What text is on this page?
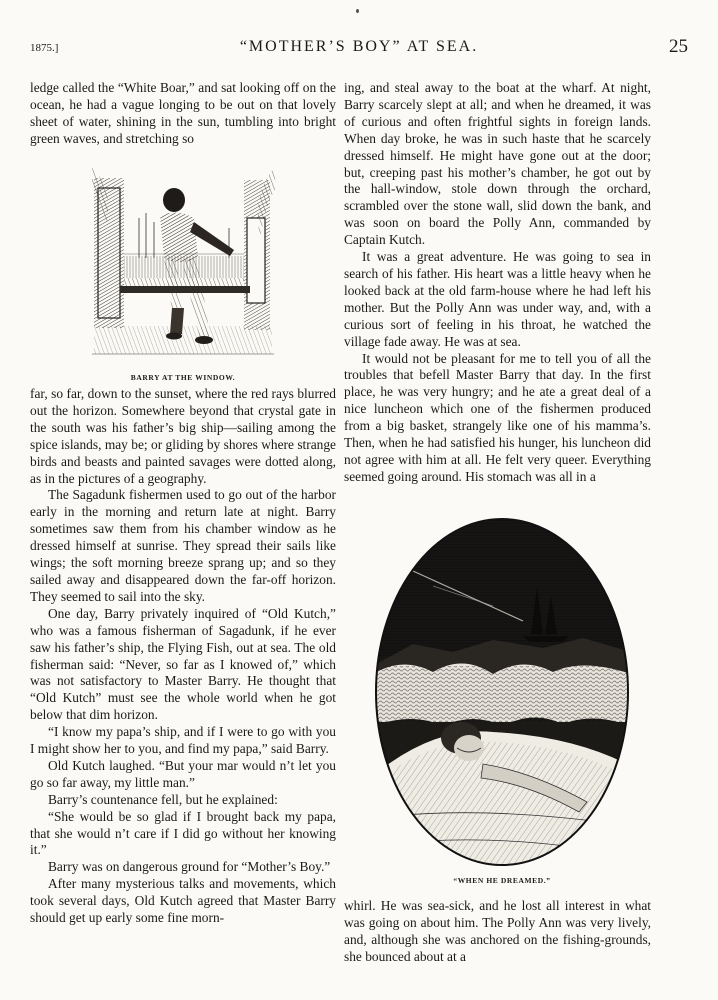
1875.]	“MOTHER’S BOY” AT SEA.	25

ledge called the “White Boar,” and sat looking off on the ocean, he had a vague longing to be out on that lovely sheet of water, shining in the sun, tumbling into bright green waves, and stretching so

BARRY AT THE WINDOW.

far, so far, down to the sunset, where the red rays blurred out the horizon. Somewhere beyond that crystal gate in the south was his father’s big ship—sailing among the spice islands, may be; or gliding by shores where strange birds and beasts and painted savages were dotted along, as in the pictures of a geography.

The Sagadunk fishermen used to go out of the harbor early in the morning and return late at night. Barry sometimes saw them from his chamber window as he dressed himself at sunrise. They spread their sails like wings; the soft morning breeze sprang up; and so they sailed away and disappeared down the far-off horizon. They seemed to sail into the sky.

One day, Barry privately inquired of “Old Kutch,” who was a famous fisherman of Sagadunk, if he ever saw his father’s ship, the Flying Fish, out at sea. The old fisherman said: “Never, so far as I knowed of,” which was not satisfactory to Master Barry. He thought that “Old Kutch” must see the whole world when he got below that dim horizon.

“I know my papa’s ship, and if I were to go with you I might show her to you, and find my papa,” said Barry.

Old Kutch laughed. “But your mar would n’t let you go so far away, my little man.”

Barry’s countenance fell, but he explained:

“She would be so glad if I brought back my papa, that she would n’t care if I did go without her knowing it.”

Barry was on dangerous ground for “Mother’s Boy.”

After many mysterious talks and movements, which took several days, Old Kutch agreed that Master Barry should get up early some fine morn-

ing, and steal away to the boat at the wharf. At night, Barry scarcely slept at all; and when he dreamed, it was of curious and often frightful sights in foreign lands. When day broke, he was in such haste that he scarcely dressed himself. He might have gone out at the door; but, creeping past his mother’s chamber, he got out by the hall-window, stole down through the orchard, scrambled over the stone wall, slid down the bank, and was soon on board the Polly Ann, commanded by Captain Kutch.

It was a great adventure. He was going to sea in search of his father. His heart was a little heavy when he looked back at the old farm-house where he had left his mother. But the Polly Ann was under way, and, with a curious sort of feeling in his throat, he watched the village fade away. He was at sea.

It would not be pleasant for me to tell you of all the troubles that befell Master Barry that day. In the first place, he was very hungry; and he ate a great deal of a nice luncheon which one of the fishermen produced from a big basket, strangely like one of his mamma’s. Then, when he had satisfied his hunger, his luncheon did not agree with him at all. He felt very queer. Everything seemed going around. His stomach was all in a

“WHEN HE DREAMED.”

whirl. He was sea-sick, and he lost all interest in what was going on about him. The Polly Ann was very lively, and, although she was anchored on the fishing-grounds, she bounced about at a
